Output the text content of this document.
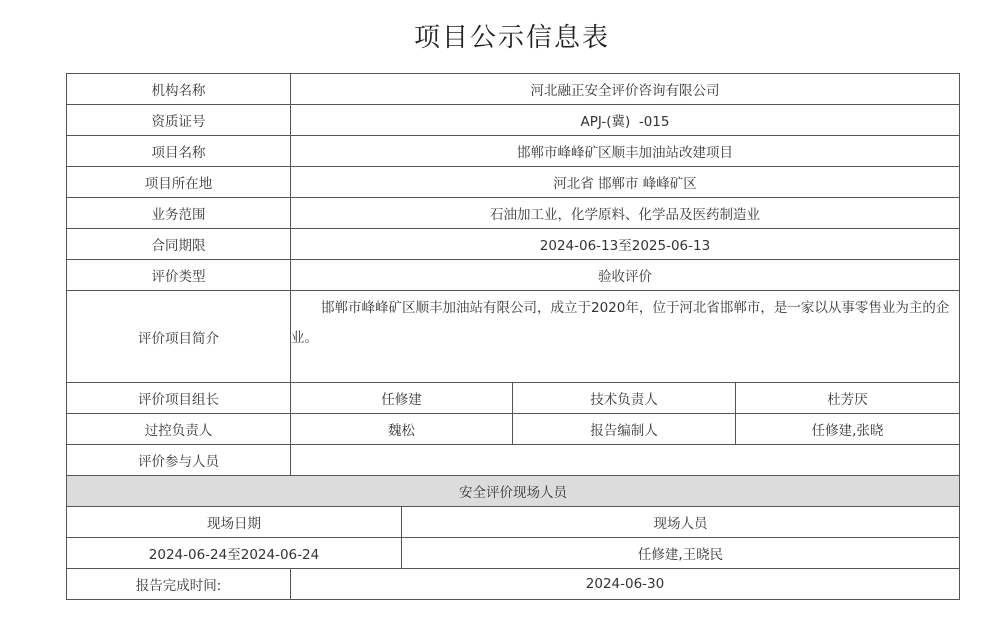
项目公示信息表
机构名称	河北融正安全评价咨询有限公司			
资质证号	APJ-(冀)  -015			
项目名称	邯郸市峰峰矿区顺丰加油站改建项目			
项目所在地	河北省 邯郸市 峰峰矿区			
业务范围	石油加工业，化学原料、化学品及医药制造业			
合同期限	2024-06-13至2025-06-13			
评价类型	验收评价			
评价项目简介	邯郸市峰峰矿区顺丰加油站有限公司，成立于2020年，位于河北省邯郸市，是一家以从事零售业为主的企业。			
评价项目组长	任修建		技术负责人	杜芳厌
过控负责人	魏松		报告编制人	任修建,张晓
评价参与人员				
安全评价现场人员				
现场日期		现场人员		
2024-06-24至2024-06-24		任修建,王晓民		
报告完成时间:	2024-06-30			
